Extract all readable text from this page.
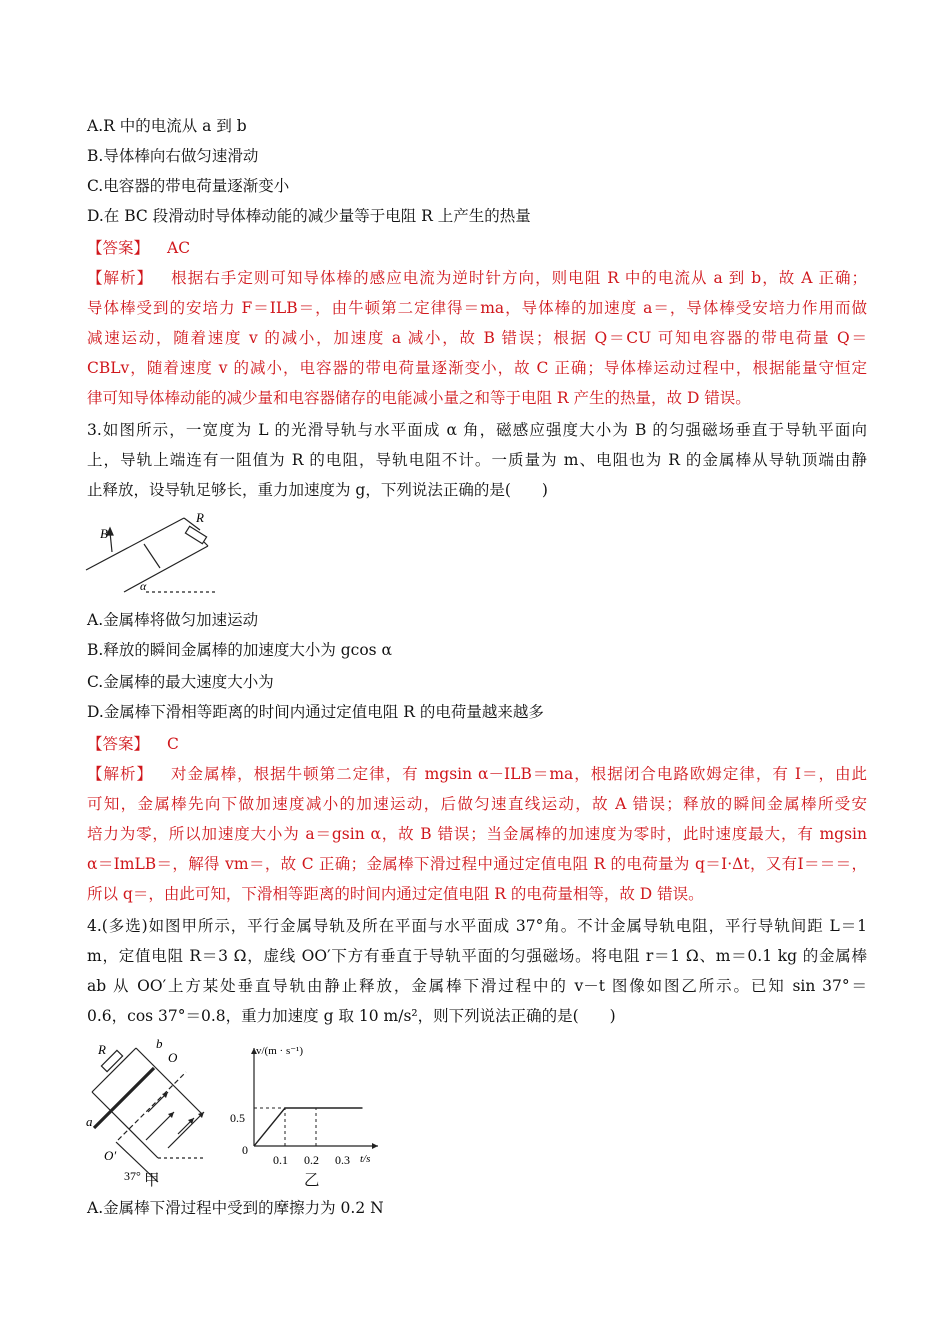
A.R 中的电流从 a 到 b
B.导体棒向右做匀速滑动
C.电容器的带电荷量逐渐变小
D.在 BC 段滑动时导体棒动能的减少量等于电阻 R 上产生的热量
【答案】 AC
【解析】 根据右手定则可知导体棒的感应电流为逆时针方向，则电阻 R 中的电流从 a 到 b，故 A 正确；
导体棒受到的安培力 F＝ILB＝，由牛顿第二定律得＝ma，导体棒的加速度 a＝，导体棒受安培力作用而做
减速运动，随着速度 v 的减小，加速度 a 减小，故 B 错误；根据 Q＝CU 可知电容器的带电荷量 Q＝
CBLv，随着速度 v 的减小，电容器的带电荷量逐渐变小，故 C 正确；导体棒运动过程中，根据能量守恒定
律可知导体棒动能的减少量和电容器储存的电能减小量之和等于电阻 R 产生的热量，故 D 错误。
3.如图所示，一宽度为 L 的光滑导轨与水平面成 α 角，磁感应强度大小为 B 的匀强磁场垂直于导轨平面向
上，导轨上端连有一阻值为 R 的电阻，导轨电阻不计。一质量为 m、电阻也为 R 的金属棒从导轨顶端由静
止释放，设导轨足够长，重力加速度为 g，下列说法正确的是(　　)
B
R
α
A.金属棒将做匀加速运动
B.释放的瞬间金属棒的加速度大小为 gcos α
C.金属棒的最大速度大小为
D.金属棒下滑相等距离的时间内通过定值电阻 R 的电荷量越来越多
【答案】 C
【解析】 对金属棒，根据牛顿第二定律，有 mgsin α－ILB＝ma，根据闭合电路欧姆定律，有 I＝，由此
可知，金属棒先向下做加速度减小的加速运动，后做匀速直线运动，故 A 错误；释放的瞬间金属棒所受安
培力为零，所以加速度大小为 a＝gsin α，故 B 错误；当金属棒的加速度为零时，此时速度最大，有 mgsin
α＝ImLB＝，解得 vm＝，故 C 正确；金属棒下滑过程中通过定值电阻 R 的电荷量为 q＝I·Δt，又有I＝＝＝，
所以 q＝，由此可知，下滑相等距离的时间内通过定值电阻 R 的电荷量相等，故 D 错误。
4.(多选)如图甲所示，平行金属导轨及所在平面与水平面成 37°角。不计金属导轨电阻，平行导轨间距 L＝1
m，定值电阻 R＝3 Ω，虚线 OO′下方有垂直于导轨平面的匀强磁场。将电阻 r＝1 Ω、m＝0.1 kg 的金属棒
ab 从 OO′上方某处垂直导轨由静止释放，金属棒下滑过程中的 v－t 图像如图乙所示。已知 sin 37°＝
0.6，cos 37°＝0.8，重力加速度 g 取 10 m/s²，则下列说法正确的是(　　)
R	b
O
a
O′
37° 甲
v/(m · s⁻¹)
t/s
0.5
0
0.1 0.2 0.3
乙
A.金属棒下滑过程中受到的摩擦力为 0.2 N
